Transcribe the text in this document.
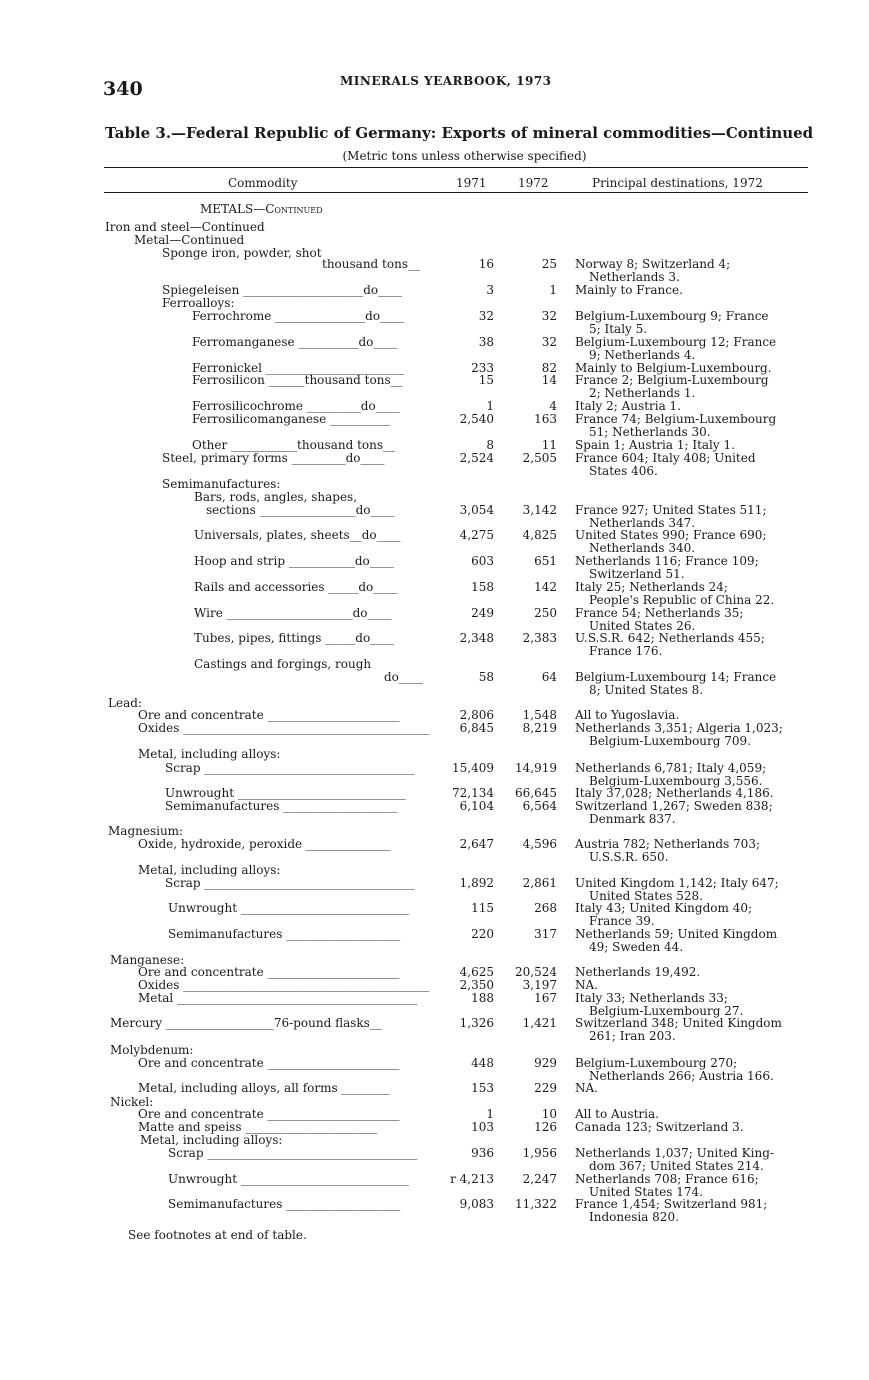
340	MINERALS YEARBOOK, 1973
Table 3.—Federal Republic of Germany: Exports of mineral commodities—Continued
(Metric tons unless otherwise specified)
Commodity	1971	1972	Principal destinations, 1972
METALS—Continued
Iron and steel—Continued
Metal—Continued
Sponge iron, powder, shot
thousand tons__	16	25 Norway 8; Switzerland 4;
Netherlands 3.
Spiegeleisen ____________________do____	3	1 Mainly to France.
Ferroalloys:
Ferrochrome _______________do____	32	32 Belgium-Luxembourg 9; France
5; Italy 5.
Ferromanganese __________do____	38	32 Belgium-Luxembourg 12; France
9; Netherlands 4.
Ferronickel _______________________	233	82 Mainly to Belgium-Luxembourg.
Ferrosilicon ______thousand tons__	15	14 France 2; Belgium-Luxembourg
2; Netherlands 1.
Ferrosilicochrome _________do____	1	4 Italy 2; Austria 1.
Ferrosilicomanganese __________	2,540	163 France 74; Belgium-Luxembourg
51; Netherlands 30.
Other ___________thousand tons__	8	11 Spain 1; Austria 1; Italy 1.
Steel, primary forms _________do____	2,524 2,505 France 604; Italy 408; United
States 406.
Semimanufactures:
Bars, rods, angles, shapes,
sections ________________do____	3,054 3,142 France 927; United States 511;
Netherlands 347.
Universals, plates, sheets__do____	4,275 4,825 United States 990; France 690;
Netherlands 340.
Hoop and strip ___________do____	603	651 Netherlands 116; France 109;
Switzerland 51.
Rails and accessories _____do____	158	142 Italy 25; Netherlands 24;
People's Republic of China 22.
Wire _____________________do____	249	250 France 54; Netherlands 35;
United States 26.
Tubes, pipes, fittings _____do____	2,348 2,383 U.S.S.R. 642; Netherlands 455;
France 176.
Castings and forgings, rough
do____	58	64 Belgium-Luxembourg 14; France
8; United States 8.
Lead:
Ore and concentrate ______________________	2,806 1,548 All to Yugoslavia.
Oxides _________________________________________	6,845 8,219 Netherlands 3,351; Algeria 1,023;
Belgium-Luxembourg 709.
Metal, including alloys:
Scrap ___________________________________	15,409 14,919 Netherlands 6,781; Italy 4,059;
Belgium-Luxembourg 3,556.
Unwrought ____________________________	72,134 66,645 Italy 37,028; Netherlands 4,186.
Semimanufactures ___________________	6,104 6,564 Switzerland 1,267; Sweden 838;
Denmark 837.
Magnesium:
Oxide, hydroxide, peroxide ______________	2,647 4,596 Austria 782; Netherlands 703;
U.S.S.R. 650.
Metal, including alloys:
Scrap ___________________________________	1,892 2,861 United Kingdom 1,142; Italy 647;
United States 528.
Unwrought ____________________________	115	268 Italy 43; United Kingdom 40;
France 39.
Semimanufactures ___________________	220	317 Netherlands 59; United Kingdom
49; Sweden 44.
Manganese:
Ore and concentrate ______________________	4,625 20,524 Netherlands 19,492.
Oxides _________________________________________	2,350 3,197 NA.
Metal ________________________________________	188	167 Italy 33; Netherlands 33;
Belgium-Luxembourg 27.
Mercury __________________76-pound flasks__	1,326 1,421 Switzerland 348; United Kingdom
261; Iran 203.
Molybdenum:
Ore and concentrate ______________________	448	929 Belgium-Luxembourg 270;
Netherlands 266; Austria 166.
Metal, including alloys, all forms ________	153	229 NA.
Nickel:
Ore and concentrate ______________________	1	10 All to Austria.
Matte and speiss ______________________	103	126 Canada 123; Switzerland 3.
Metal, including alloys:
Scrap ___________________________________	936 1,956 Netherlands 1,037; United King-
dom 367; United States 214.
Unwrought ____________________________	r 4,213 2,247 Netherlands 708; France 616;
United States 174.
Semimanufactures ___________________	9,083 11,322 France 1,454; Switzerland 981;
Indonesia 820.
See footnotes at end of table.
